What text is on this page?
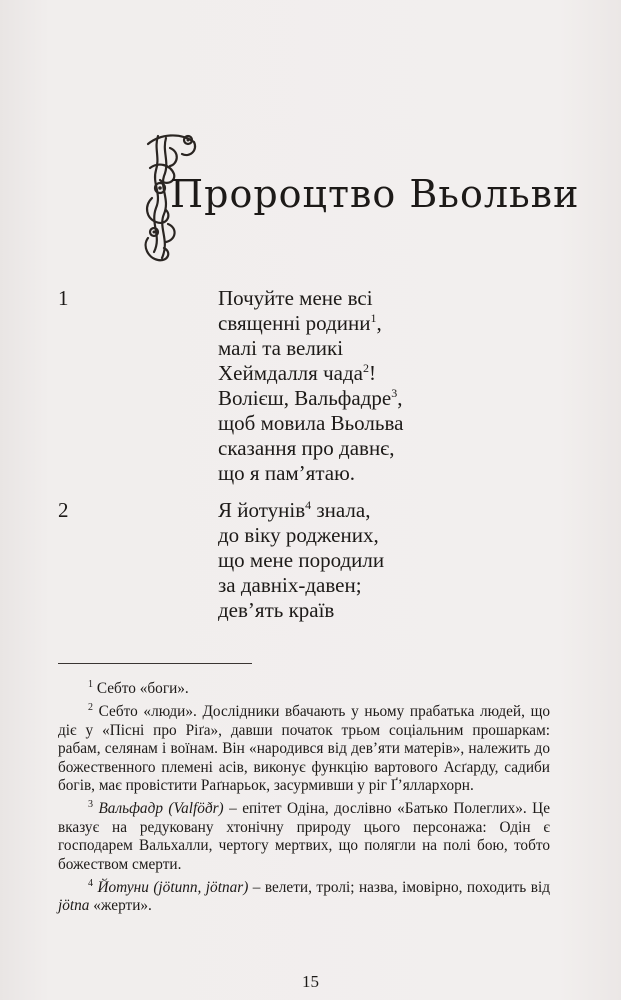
Пророцтво Вьольви
1	Почуйте мене всі
священні родини$^1$,
малі та великі
Хеймдалля чада$^2$!
Волієш, Вальфадре$^3$,
щоб мовила Вьольва
сказання про давнє,
що я пам’ятаю.
2	Я йотунів$^4$ знала,
до віку роджених,
що мене породили
за давніх-давен;
дев’ять країв
$^1$ Себто «боги».
$^2$ Себто «люди». Дослідники вбачають у ньому прабатька людей, що діє у «Пісні про Ріґа», давши початок трьом соціальним прошаркам: рабам, селянам і воїнам. Він «народився від дев’яти матерів», належить до божественного племені асів, виконує функцію вартового Асґарду, садиби богів, має провістити Раґнарьок, засурмивши у ріг Ґ’яллархорн.
$^3$ Вальфадр (Valföðr) – епітет Одіна, дослівно «Батько Полеглих». Це вказує на редуковану хтонічну природу цього персонажа: Одін є господарем Вальхалли, чертогу мертвих, що полягли на полі бою, тобто божеством смерти.
$^4$ Йотуни (jötunn, jötnar) – велети, тролі; назва, імовірно, походить від jötna «жерти».
15
